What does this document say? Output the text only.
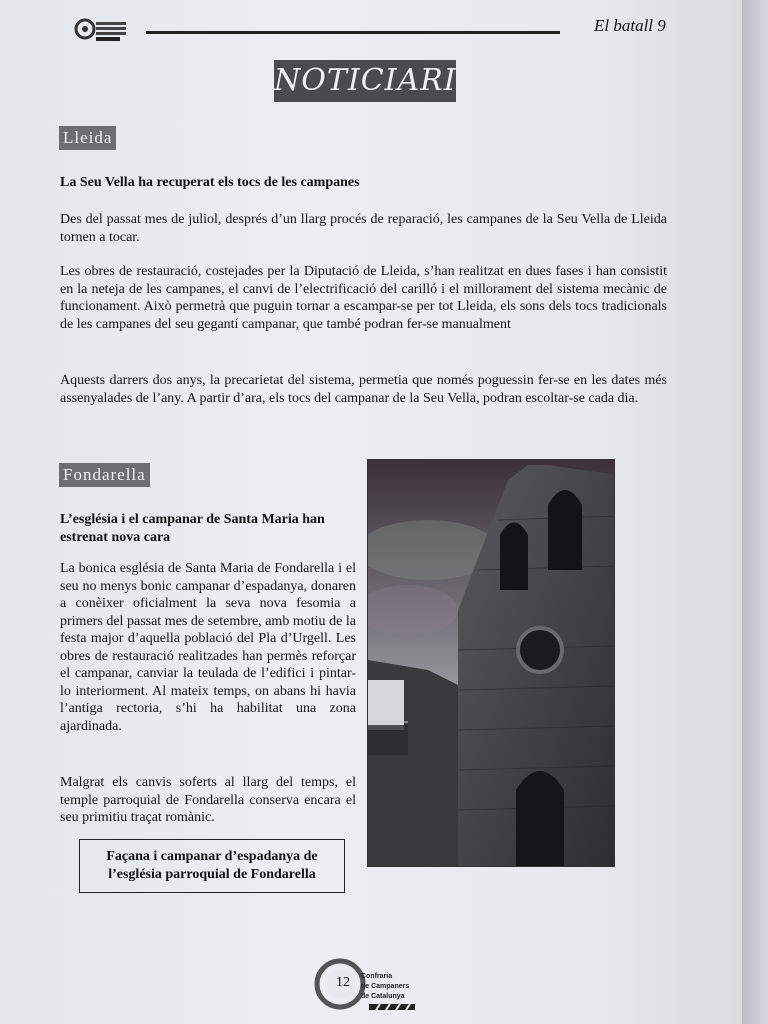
El batall 9
NOTICIARI
Lleida
La Seu Vella ha recuperat els tocs de les campanes
Des del passat mes de juliol, després d’un llarg procés de reparació, les campanes de la Seu Vella de Lleida tornen a tocar.
Les obres de restauració, costejades per la Diputació de Lleida, s’han realitzat en dues fases i han consistit en la neteja de les campanes, el canvi de l’electrificació del carilló i el millorament del sistema mecànic de funcionament. Això permetrà que puguin tornar a escampar-se per tot Lleida, els sons dels tocs tradicionals de les campanes del seu gegantí campanar, que també podran fer-se manualment
Aquests darrers dos anys, la precarietat del sistema, permetia que només poguessin fer-se en les dates més assenyalades de l’any. A partir d’ara, els tocs del campanar de la Seu Vella, podran escoltar-se cada dia.
Fondarella
L’església i el campanar de Santa Maria han estrenat nova cara
La bonica església de Santa Maria de Fondarella i el seu no menys bonic campanar d’espadanya, donaren a conèixer oficialment la seva nova fesomia a primers del passat mes de setembre, amb motiu de la festa major d’aquella població del Pla d’Urgell. Les obres de restauració realitzades han permès reforçar el campanar, canviar la teulada de l’edifici i pintar-lo interiorment. Al mateix temps, on abans hi havia l’antiga rectoria, s’hi ha habilitat una zona ajardinada.
Malgrat els canvis soferts al llarg del temps, el temple parroquial de Fondarella conserva encara el seu primitiu traçat romànic.
Façana i campanar d’espadanya de l’església parroquial de Fondarella
Confraria
de Campaners
de Catalunya
12
